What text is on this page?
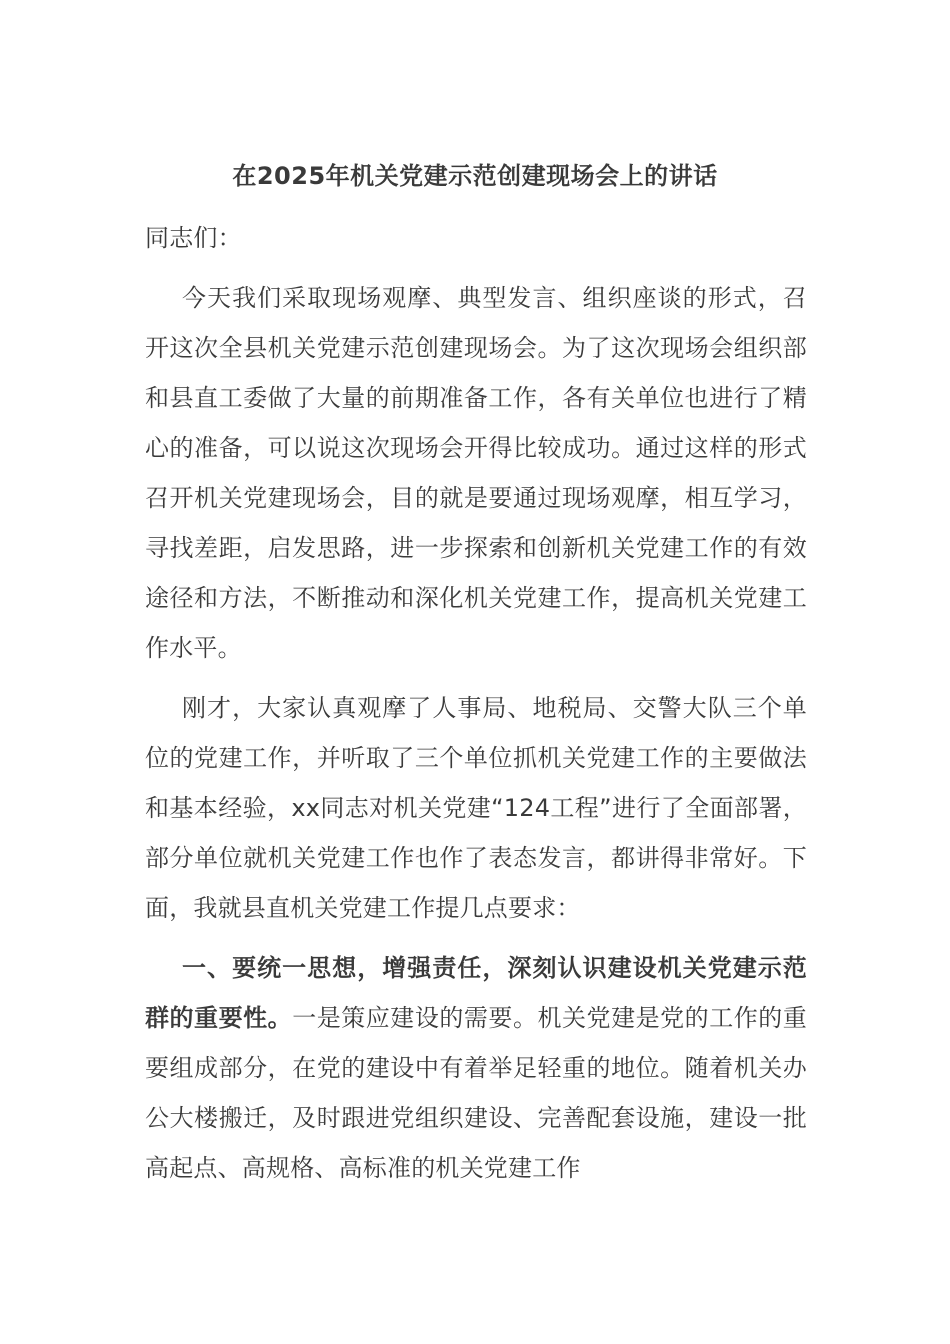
在2025年机关党建示范创建现场会上的讲话

同志们：

今天我们采取现场观摩、典型发言、组织座谈的形式，召开这次全县机关党建示范创建现场会。为了这次现场会组织部和县直工委做了大量的前期准备工作，各有关单位也进行了精心的准备，可以说这次现场会开得比较成功。通过这样的形式召开机关党建现场会，目的就是要通过现场观摩，相互学习，寻找差距，启发思路，进一步探索和创新机关党建工作的有效途径和方法，不断推动和深化机关党建工作，提高机关党建工作水平。

刚才，大家认真观摩了人事局、地税局、交警大队三个单位的党建工作，并听取了三个单位抓机关党建工作的主要做法和基本经验，xx同志对机关党建“124工程”进行了全面部署，部分单位就机关党建工作也作了表态发言，都讲得非常好。下面，我就县直机关党建工作提几点要求：

一、要统一思想，增强责任，深刻认识建设机关党建示范群的重要性。一是策应建设的需要。机关党建是党的工作的重要组成部分，在党的建设中有着举足轻重的地位。随着机关办公大楼搬迁，及时跟进党组织建设、完善配套设施，建设一批高起点、高规格、高标准的机关党建工作
